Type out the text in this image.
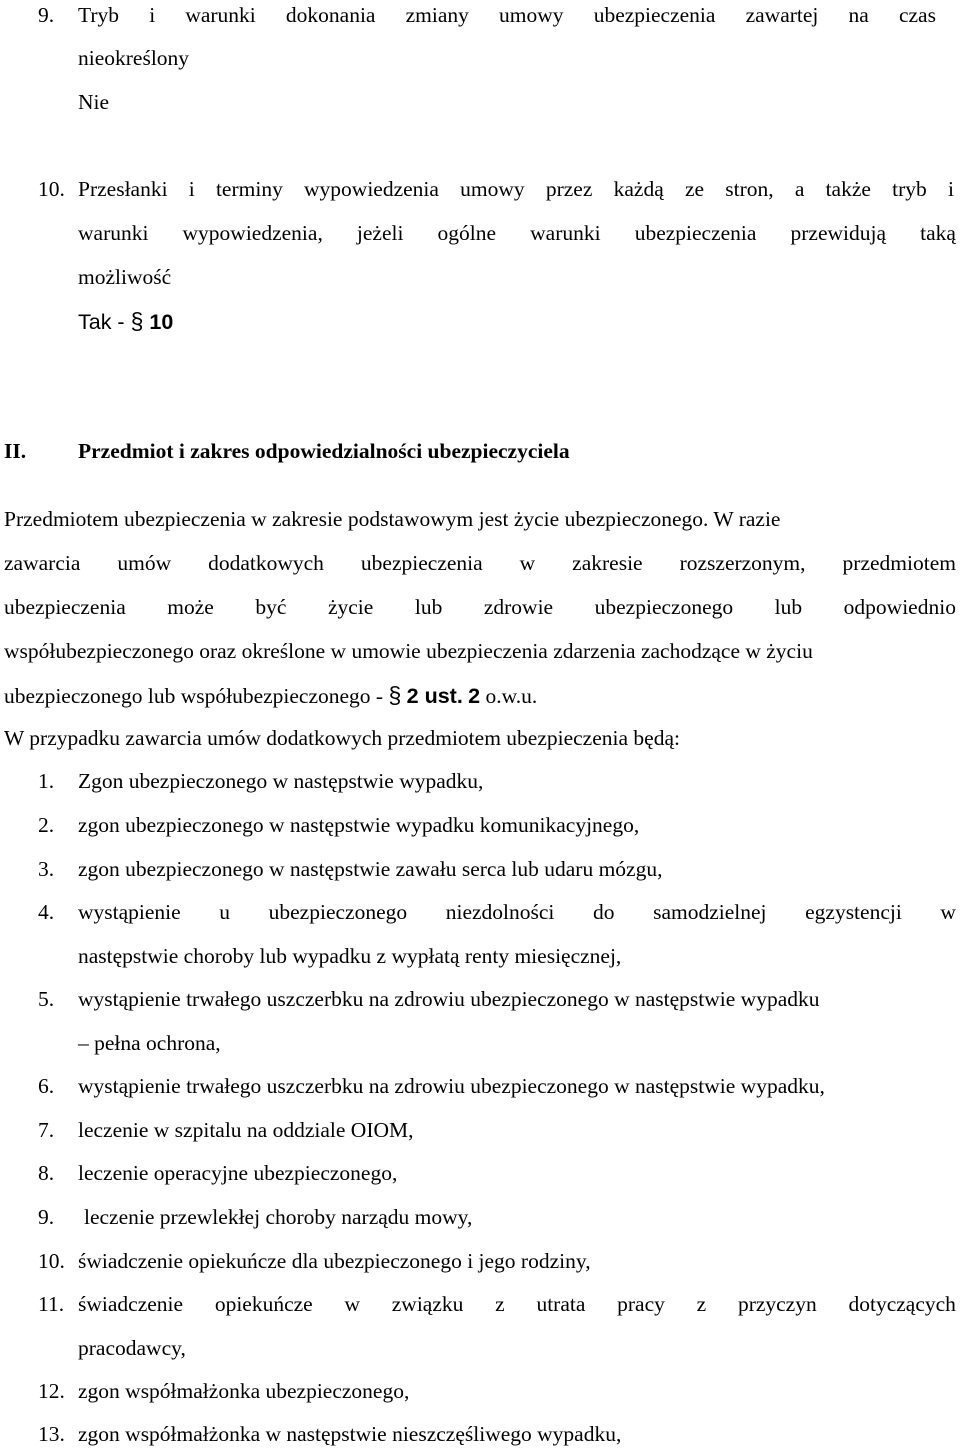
9. Tryb i warunki dokonania zmiany umowy ubezpieczenia zawartej na czas
nieokreślony
Nie
10. Przesłanki i terminy wypowiedzenia umowy przez każdą ze stron, a także tryb i
warunki wypowiedzenia, jeżeli ogólne warunki ubezpieczenia przewidują taką
możliwość
Tak - § 10
II. Przedmiot i zakres odpowiedzialności ubezpieczyciela
Przedmiotem ubezpieczenia w zakresie podstawowym jest życie ubezpieczonego. W razie
zawarcia umów dodatkowych ubezpieczenia w zakresie rozszerzonym, przedmiotem
ubezpieczenia może być życie lub zdrowie ubezpieczonego lub odpowiednio
współubezpieczonego oraz określone w umowie ubezpieczenia zdarzenia zachodzące w życiu
ubezpieczonego lub współubezpieczonego - § 2 ust. 2 o.w.u.
W przypadku zawarcia umów dodatkowych przedmiotem ubezpieczenia będą:
1. Zgon ubezpieczonego w następstwie wypadku,
2. zgon ubezpieczonego w następstwie wypadku komunikacyjnego,
3. zgon ubezpieczonego w następstwie zawału serca lub udaru mózgu,
4. wystąpienie u ubezpieczonego niezdolności do samodzielnej egzystencji w
następstwie choroby lub wypadku z wypłatą renty miesięcznej,
5. wystąpienie trwałego uszczerbku na zdrowiu ubezpieczonego w następstwie wypadku
– pełna ochrona,
6. wystąpienie trwałego uszczerbku na zdrowiu ubezpieczonego w następstwie wypadku,
7. leczenie w szpitalu na oddziale OIOM,
8. leczenie operacyjne ubezpieczonego,
9. leczenie przewlekłej choroby narządu mowy,
10. świadczenie opiekuńcze dla ubezpieczonego i jego rodziny,
11. świadczenie opiekuńcze w związku z utrata pracy z przyczyn dotyczących
pracodawcy,
12. zgon współmałżonka ubezpieczonego,
13. zgon współmałżonka w następstwie nieszczęśliwego wypadku,
